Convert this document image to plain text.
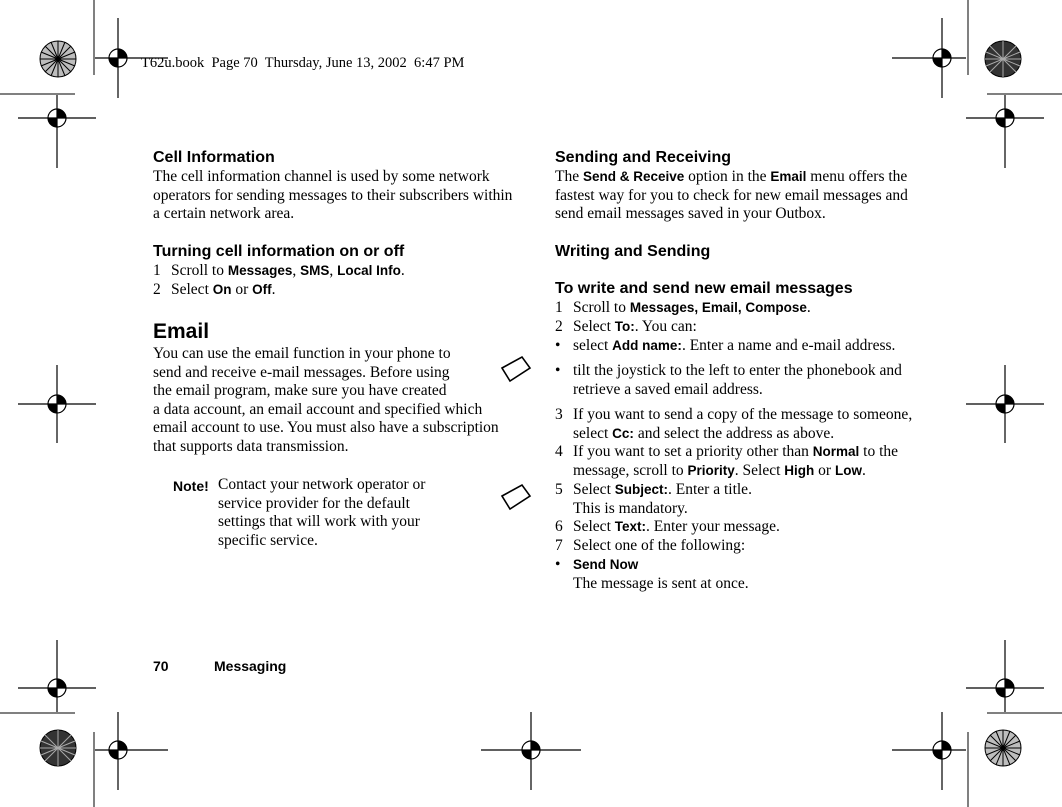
T62u.book  Page 70  Thursday, June 13, 2002  6:47 PM
Cell Information
The cell information channel is used by some network
operators for sending messages to their subscribers within
a certain network area.
Turning cell information on or off
1 Scroll to Messages, SMS, Local Info.
2 Select On or Off.
Email
You can use the email function in your phone to
send and receive e-mail messages. Before using
the email program, make sure you have created
a data account, an email account and specified which
email account to use. You must also have a subscription
that supports data transmission.
Note! Contact your network operator or
service provider for the default
settings that will work with your
specific service.
Sending and Receiving
The Send & Receive option in the Email menu offers the
fastest way for you to check for new email messages and
send email messages saved in your Outbox.
Writing and Sending
To write and send new email messages
1 Scroll to Messages, Email, Compose.
2 Select To:. You can:
• select Add name:. Enter a name and e-mail address.
• tilt the joystick to the left to enter the phonebook and
retrieve a saved email address.
3 If you want to send a copy of the message to someone,
select Cc: and select the address as above.
4 If you want to set a priority other than Normal to the
message, scroll to Priority. Select High or Low.
5 Select Subject:. Enter a title.
This is mandatory.
6 Select Text:. Enter your message.
7 Select one of the following:
• Send Now
The message is sent at once.
70	Messaging
